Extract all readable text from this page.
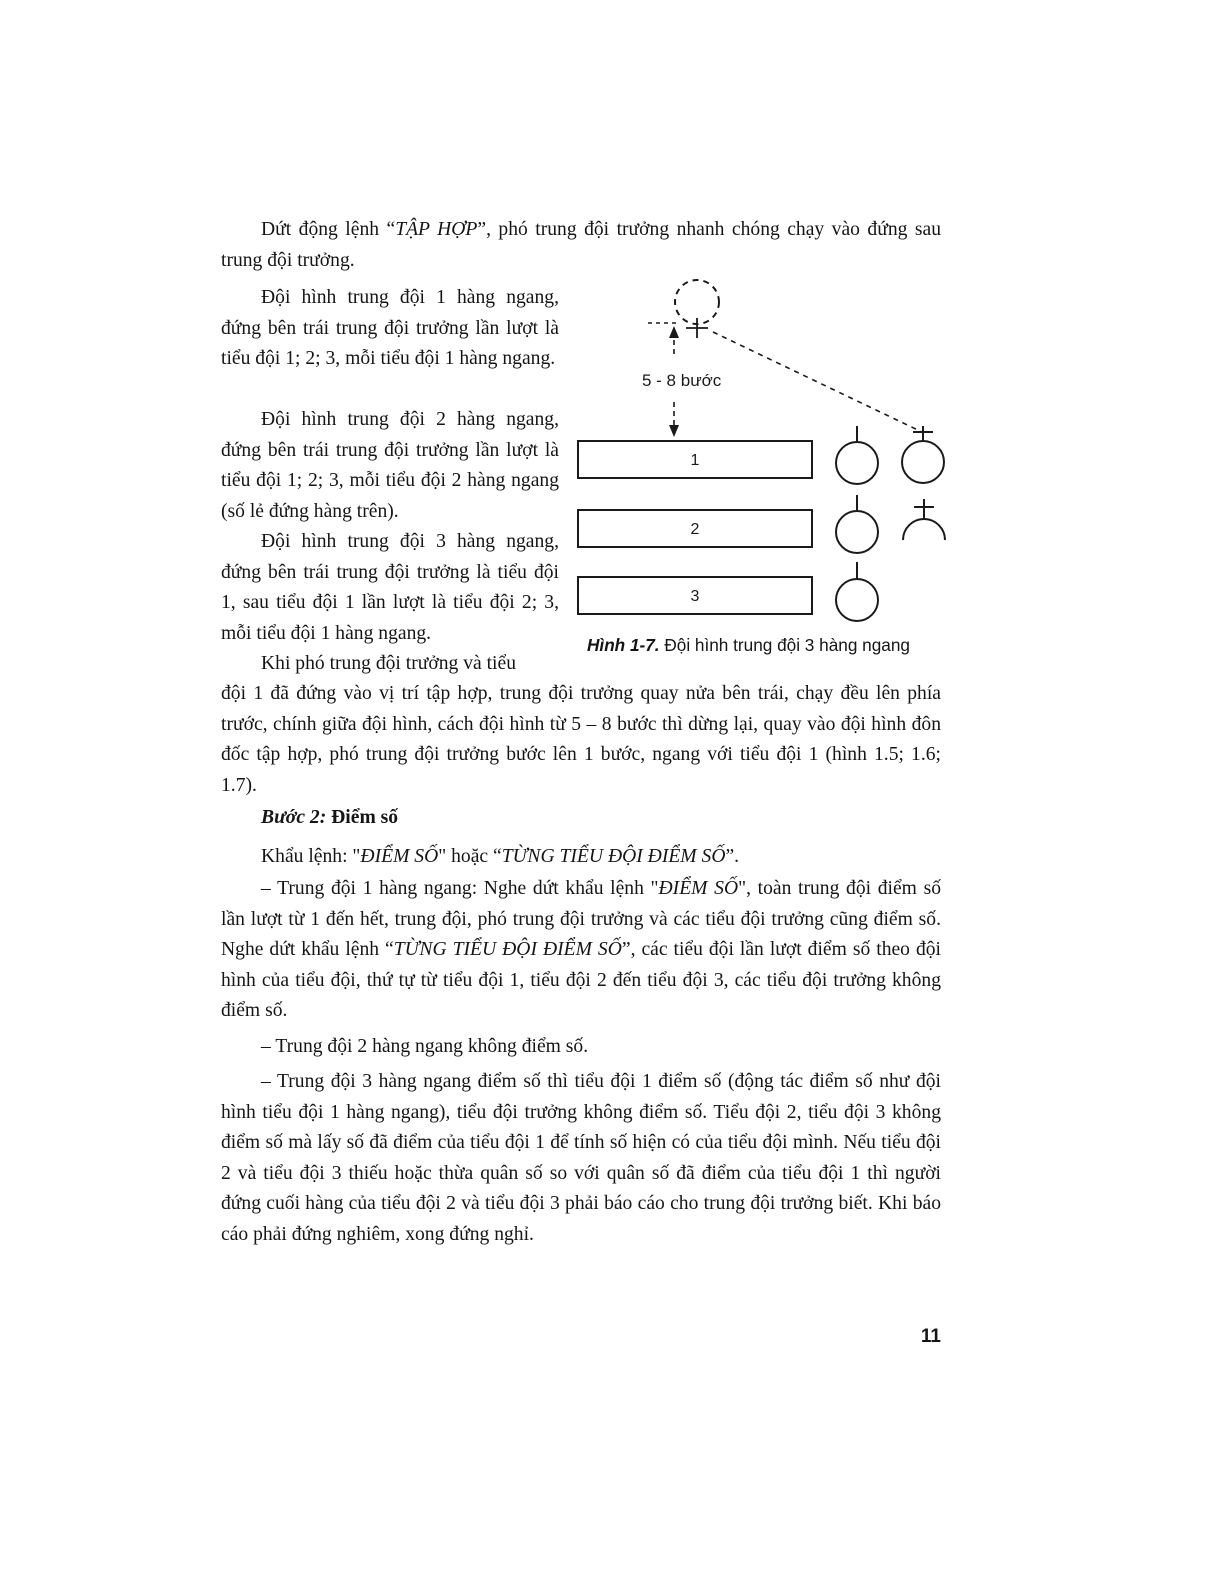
Dứt động lệnh “TẬP HỢP”, phó trung đội trưởng nhanh chóng chạy vào đứng sau trung đội trưởng.

Đội hình trung đội 1 hàng ngang, đứng bên trái trung đội trưởng lần lượt là tiểu đội 1; 2; 3, mỗi tiểu đội 1 hàng ngang.

Đội hình trung đội 2 hàng ngang, đứng bên trái trung đội trưởng lần lượt là tiểu đội 1; 2; 3, mỗi tiểu đội 2 hàng ngang (số lẻ đứng hàng trên).

Đội hình trung đội 3 hàng ngang, đứng bên trái trung đội trưởng là tiểu đội 1, sau tiểu đội 1 lần lượt là tiểu đội 2; 3, mỗi tiểu đội 1 hàng ngang.

Khi phó trung đội trưởng và tiểu

đội 1 đã đứng vào vị trí tập hợp, trung đội trưởng quay nửa bên trái, chạy đều lên phía trước, chính giữa đội hình, cách đội hình từ 5 – 8 bước thì dừng lại, quay vào đội hình đôn đốc tập hợp, phó trung đội trưởng bước lên 1 bước, ngang với tiểu đội 1 (hình 1.5; 1.6; 1.7).

5 - 8 bước
1
2
3
Hình 1-7. Đội hình trung đội 3 hàng ngang

Bước 2: Điểm số

Khẩu lệnh: "ĐIỂM SỐ" hoặc “TỪNG TIỂU ĐỘI ĐIỂM SỐ”.

– Trung đội 1 hàng ngang: Nghe dứt khẩu lệnh "ĐIỂM SỐ", toàn trung đội điểm số lần lượt từ 1 đến hết, trung đội, phó trung đội trưởng và các tiểu đội trưởng cũng điểm số. Nghe dứt khẩu lệnh “TỪNG TIỂU ĐỘI ĐIỂM SỐ”, các tiểu đội lần lượt điểm số theo đội hình của tiểu đội, thứ tự từ tiểu đội 1, tiểu đội 2 đến tiểu đội 3, các tiểu đội trưởng không điểm số.

– Trung đội 2 hàng ngang không điểm số.

– Trung đội 3 hàng ngang điểm số thì tiểu đội 1 điểm số (động tác điểm số như đội hình tiểu đội 1 hàng ngang), tiểu đội trưởng không điểm số. Tiểu đội 2, tiểu đội 3 không điểm số mà lấy số đã điểm của tiểu đội 1 để tính số hiện có của tiểu đội mình. Nếu tiểu đội 2 và tiểu đội 3 thiếu hoặc thừa quân số so với quân số đã điểm của tiểu đội 1 thì người đứng cuối hàng của tiểu đội 2 và tiểu đội 3 phải báo cáo cho trung đội trưởng biết. Khi báo cáo phải đứng nghiêm, xong đứng nghỉ.

11
